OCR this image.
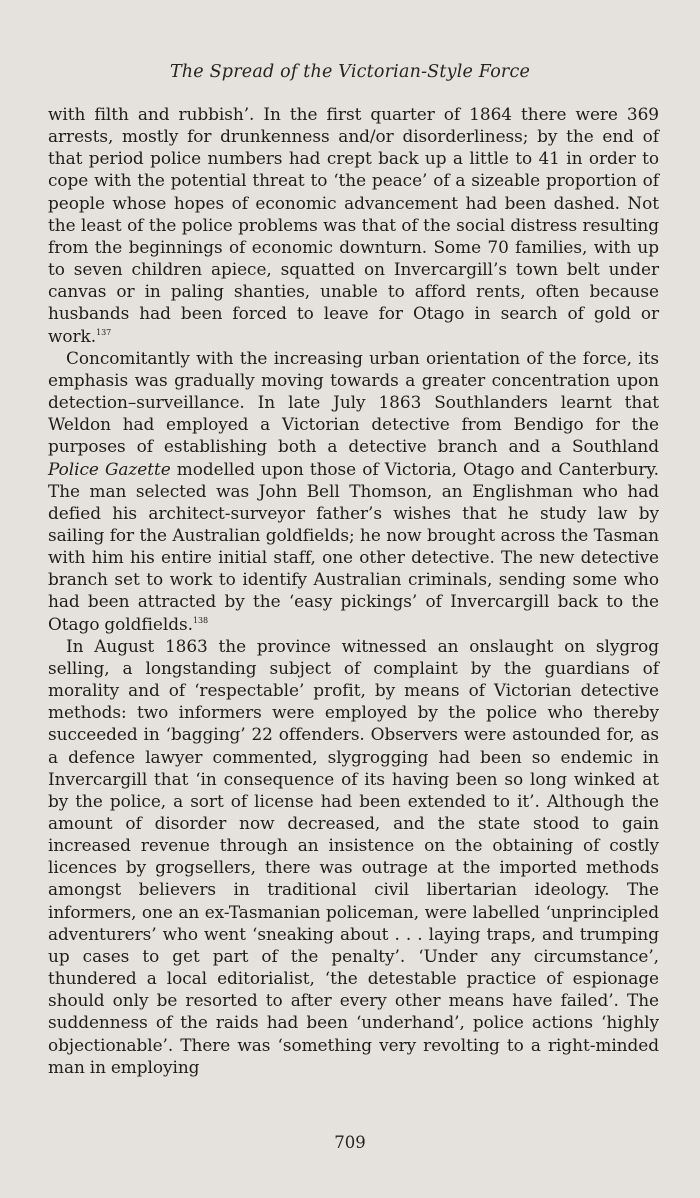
The Spread of the Victorian-Style Force

with filth and rubbish’. In the first quarter of 1864 there were 369 arrests, mostly for drunkenness and/or disorderliness; by the end of that period police numbers had crept back up a little to 41 in order to cope with the potential threat to ‘the peace’ of a sizeable proportion of people whose hopes of economic advancement had been dashed. Not the least of the police problems was that of the social distress resulting from the beginnings of economic downturn. Some 70 families, with up to seven children apiece, squatted on Invercargill’s town belt under canvas or in paling shanties, unable to afford rents, often because husbands had been forced to leave for Otago in search of gold or work.$^{137}$

Concomitantly with the increasing urban orientation of the force, its emphasis was gradually moving towards a greater concentration upon detection–surveillance. In late July 1863 Southlanders learnt that Weldon had employed a Victorian detective from Bendigo for the purposes of establishing both a detective branch and a Southland Police Gazette modelled upon those of Victoria, Otago and Canterbury. The man selected was John Bell Thomson, an Englishman who had defied his architect-surveyor father’s wishes that he study law by sailing for the Australian goldfields; he now brought across the Tasman with him his entire initial staff, one other detective. The new detective branch set to work to identify Australian criminals, sending some who had been attracted by the ‘easy pickings’ of Invercargill back to the Otago goldfields.$^{138}$

In August 1863 the province witnessed an onslaught on slygrog selling, a longstanding subject of complaint by the guardians of morality and of ‘respectable’ profit, by means of Victorian detective methods: two informers were employed by the police who thereby succeeded in ‘bagging’ 22 offenders. Observers were astounded for, as a defence lawyer commented, slygrogging had been so endemic in Invercargill that ‘in consequence of its having been so long winked at by the police, a sort of license had been extended to it’. Although the amount of disorder now decreased, and the state stood to gain increased revenue through an insistence on the obtaining of costly licences by grogsellers, there was outrage at the imported methods amongst believers in traditional civil libertarian ideology. The informers, one an ex-Tasmanian policeman, were labelled ‘unprincipled adventurers’ who went ‘sneaking about . . . laying traps, and trumping up cases to get part of the penalty’. ‘Under any circumstance’, thundered a local editorialist, ‘the detestable practice of espionage should only be resorted to after every other means have failed’. The suddenness of the raids had been ‘underhand’, police actions ‘highly objectionable’. There was ‘something very revolting to a right-minded man in employing

709
